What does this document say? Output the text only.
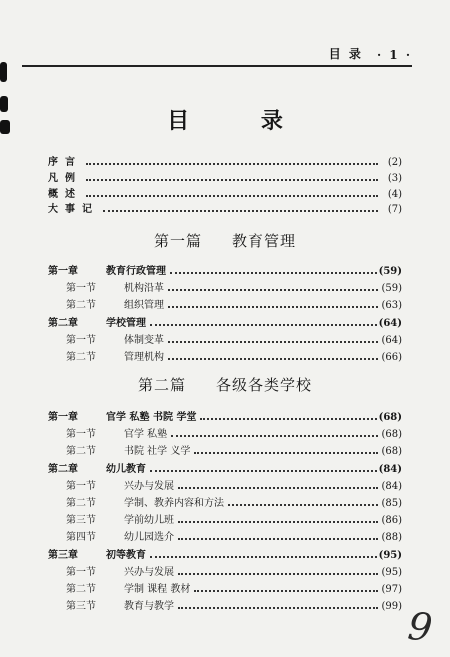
目 录 · 1 ·
目 录
序言	(2)
凡例	(3)
概述	(4)
大事记	(7)
第一篇 教育管理
第一章	教育行政管理	(59)
第一节	机构沿革	(59)
第二节	组织管理	(63)
第二章	学校管理	(64)
第一节	体制变革	(64)
第二节	管理机构	(66)
第二篇 各级各类学校
第一章	官学 私塾 书院 学堂	(68)
第一节	官学 私塾	(68)
第二节	书院 社学 义学	(68)
第二章	幼儿教育	(84)
第一节	兴办与发展	(84)
第二节	学制、教养内容和方法	(85)
第三节	学前幼儿班	(86)
第四节	幼儿园选介	(88)
第三章	初等教育	(95)
第一节	兴办与发展	(95)
第二节	学制 课程 教材	(97)
第三节	教育与教学	(99) 9
